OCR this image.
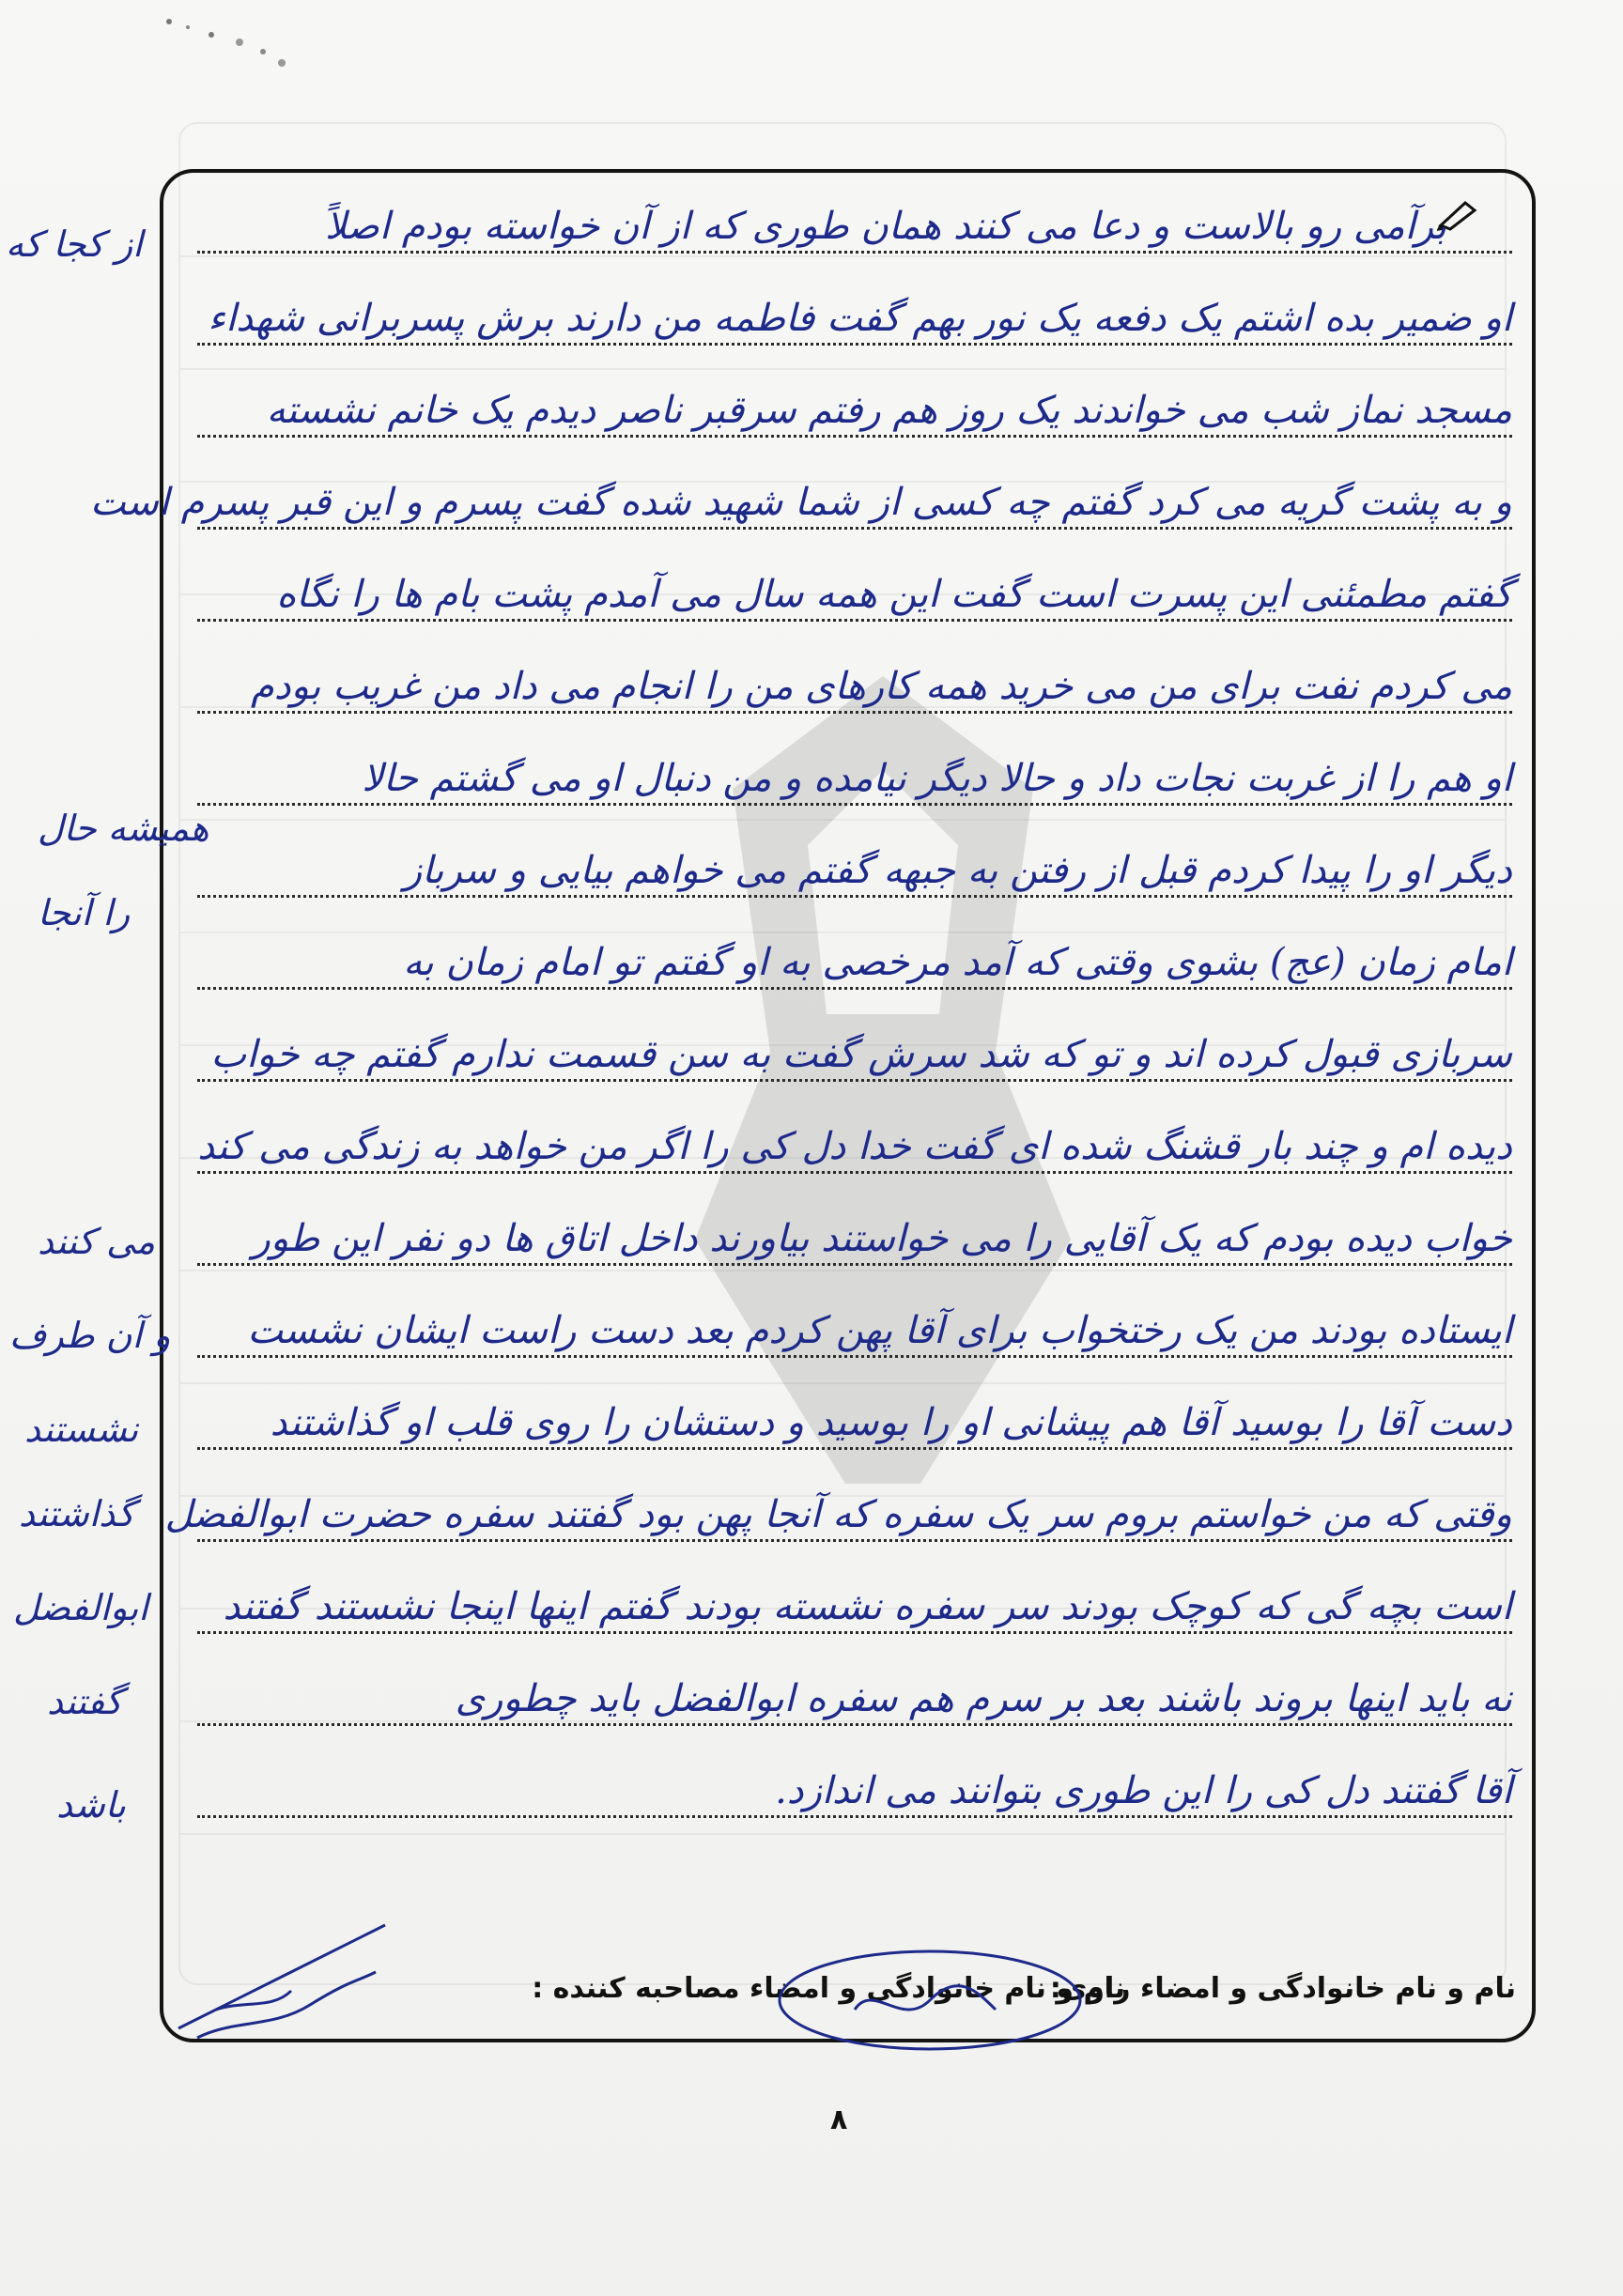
برآمی رو بالاست و دعا می کنند همان طوری که از آن خواسته بودم اصلاً
او ضمیر بده اشتم یک دفعه یک نور بهم گفت فاطمه من دارند برش پسربرانی شهداء
مسجد نماز شب می خواندند یک روز هم رفتم سرقبر ناصر دیدم یک خانم نشسته
و به پشت گریه می کرد گفتم چه کسی از شما شهید شده گفت پسرم و این قبر پسرم است
گفتم مطمئنی این پسرت است گفت این همه سال می آمدم پشت بام ها را نگاه
می کردم نفت برای من می خرید همه کارهای من را انجام می داد من غریب بودم
او هم را از غربت نجات داد و حالا دیگر نیامده و من دنبال او می گشتم حالا
دیگر او را پیدا کردم قبل از رفتن به جبهه گفتم می خواهم بیایی و سرباز
امام زمان (عج) بشوی وقتی که آمد مرخصی به او گفتم تو امام زمان به
سربازی قبول کرده اند و تو که شد سرش گفت به سن قسمت ندارم گفتم چه خواب
دیده ام و چند بار قشنگ شده ای گفت خدا دل کی را اگر من خواهد به زندگی می کند
خواب دیده بودم که یک آقایی را می خواستند بیاورند داخل اتاق ها دو نفر این طور
ایستاده بودند من یک رختخواب برای آقا پهن کردم بعد دست راست ایشان نشست
دست آقا را بوسید آقا هم پیشانی او را بوسید و دستشان را روی قلب او گذاشتند
وقتی که من خواستم بروم سر یک سفره که آنجا پهن بود گفتند سفره حضرت ابوالفضل
است بچه گی که کوچک بودند سر سفره نشسته بودند گفتم اینها اینجا نشستند گفتند
نه باید اینها بروند باشند بعد بر سرم هم سفره ابوالفضل باید چطوری
آقا گفتند دل کی را این طوری بتوانند می اندازد.
از کجا که
همیشه حال
را آنجا
می کنند
و آن طرف
نشستند
گذاشتند
ابوالفضل
گفتند
باشد
نام و نام خانوادگی و امضاء راوی:
نام و نام خانوادگی و امضاء مصاحبه کننده :
۸
